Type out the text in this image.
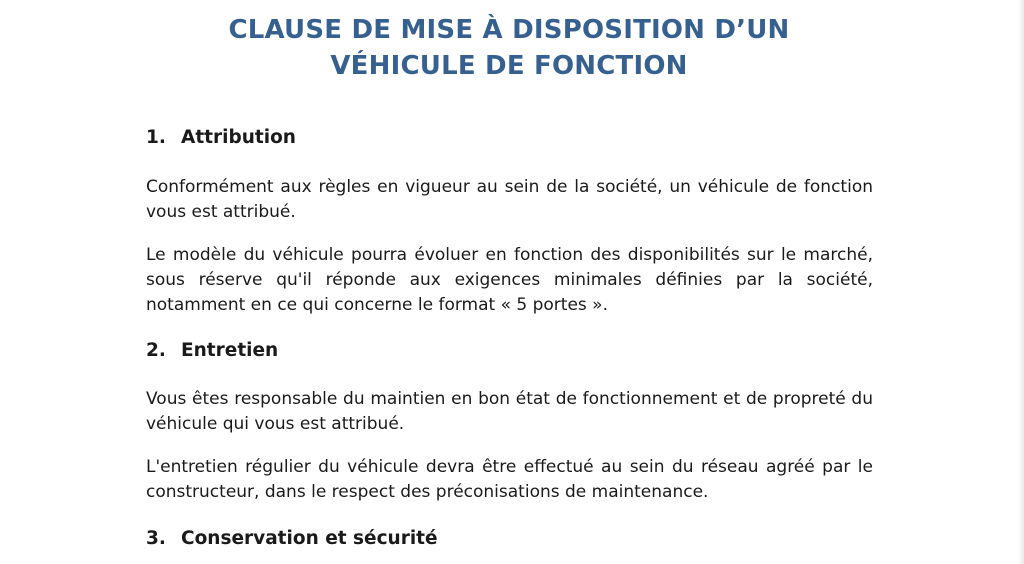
CLAUSE DE MISE À DISPOSITION D’UN
VÉHICULE DE FONCTION
1. Attribution

Conformément aux règles en vigueur au sein de la société, un véhicule de fonction vous est attribué.

Le modèle du véhicule pourra évoluer en fonction des disponibilités sur le marché, sous réserve qu'il réponde aux exigences minimales définies par la société, notamment en ce qui concerne le format « 5 portes ».

2. Entretien

Vous êtes responsable du maintien en bon état de fonctionnement et de propreté du véhicule qui vous est attribué.

L'entretien régulier du véhicule devra être effectué au sein du réseau agréé par le constructeur, dans le respect des préconisations de maintenance.

3. Conservation et sécurité
